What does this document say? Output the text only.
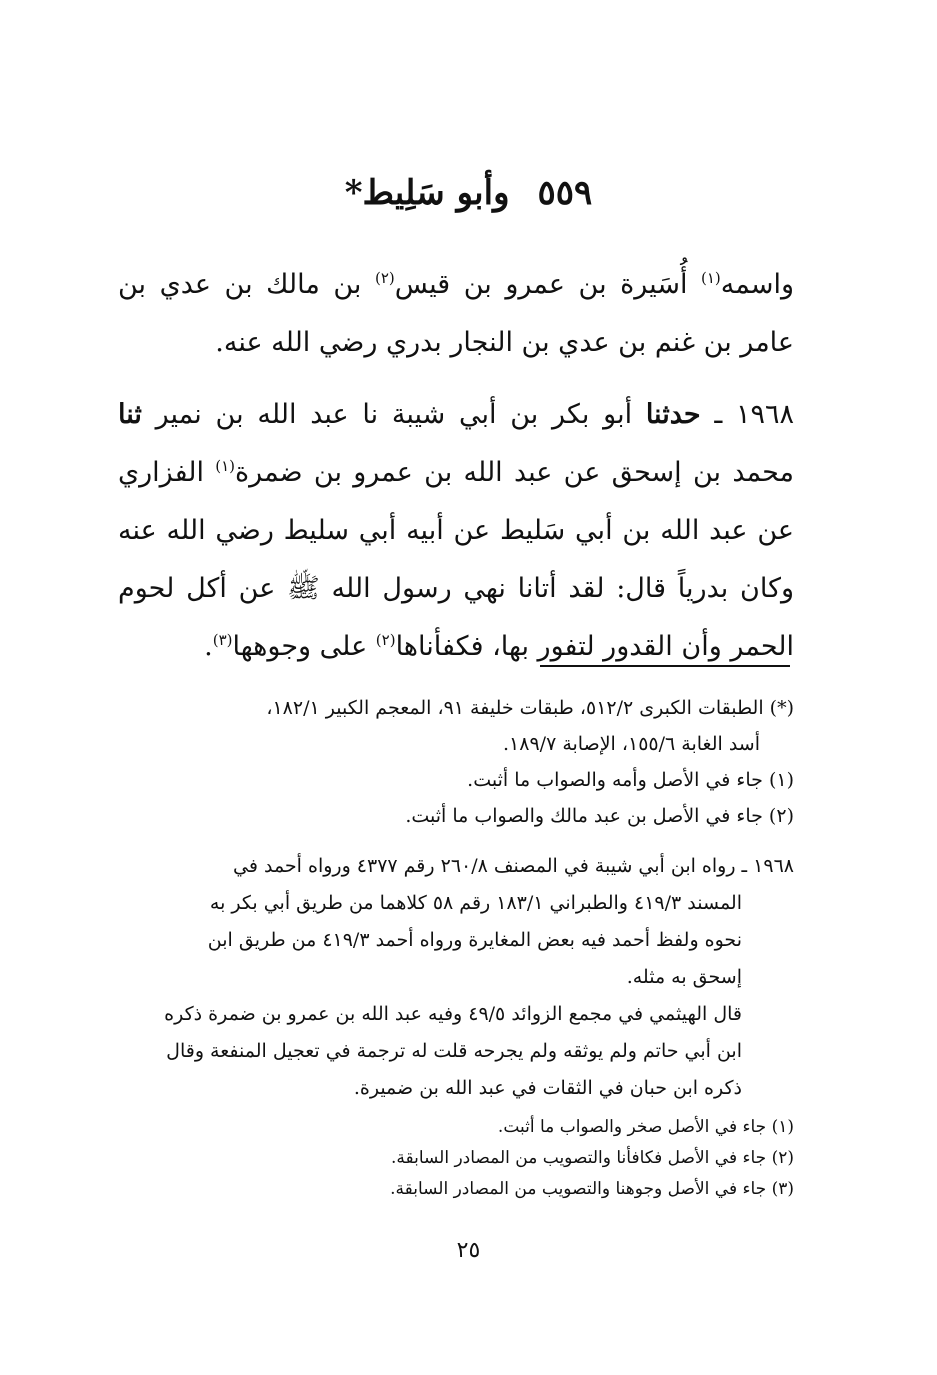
٥٥٩وأبو سَلِيط*
واسمه$^{(١)}$ أُسَيرة بن عمرو بن قيس$^{(٢)}$ بن مالك بن عدي بن عامر بن غنم بن عدي بن النجار بدري رضي الله عنه.
١٩٦٨ ـ حدثنا أبو بكر بن أبي شيبة نا عبد الله بن نمير ثنا محمد بن إسحق عن عبد الله بن عمرو بن ضمرة$^{(١)}$ الفزاري عن عبد الله بن أبي سَليط عن أبيه أبي سليط رضي الله عنه وكان بدرياً قال: لقد أتانا نهي رسول الله ﷺ عن أكل لحوم الحمر وأن القدور لتفور بها، فكفأناها$^{(٢)}$ على وجوهها$^{(٣)}$.

(*) الطبقات الكبرى ٥١٢/٢، طبقات خليفة ٩١، المعجم الكبير ١٨٢/١،

أسد الغابة ١٥٥/٦، الإصابة ١٨٩/٧.

(١) جاء في الأصل وأمه والصواب ما أثبت.

(٢) جاء في الأصل بن عبد مالك والصواب ما أثبت.

١٩٦٨ ـ رواه ابن أبي شيبة في المصنف ٢٦٠/٨ رقم ٤٣٧٧ ورواه أحمد في

المسند ٤١٩/٣ والطبراني ١٨٣/١ رقم ٥٨ كلاهما من طريق أبي بكر به

نحوه ولفظ أحمد فيه بعض المغايرة ورواه أحمد ٤١٩/٣ من طريق ابن

إسحق به مثله.

قال الهيثمي في مجمع الزوائد ٤٩/٥ وفيه عبد الله بن عمرو بن ضمرة ذكره

ابن أبي حاتم ولم يوثقه ولم يجرحه قلت له ترجمة في تعجيل المنفعة وقال

ذكره ابن حبان في الثقات في عبد الله بن ضميرة.

(١) جاء في الأصل صخر والصواب ما أثبت.

(٢) جاء في الأصل فكافأنا والتصويب من المصادر السابقة.

(٣) جاء في الأصل وجوهنا والتصويب من المصادر السابقة.

٢٥
